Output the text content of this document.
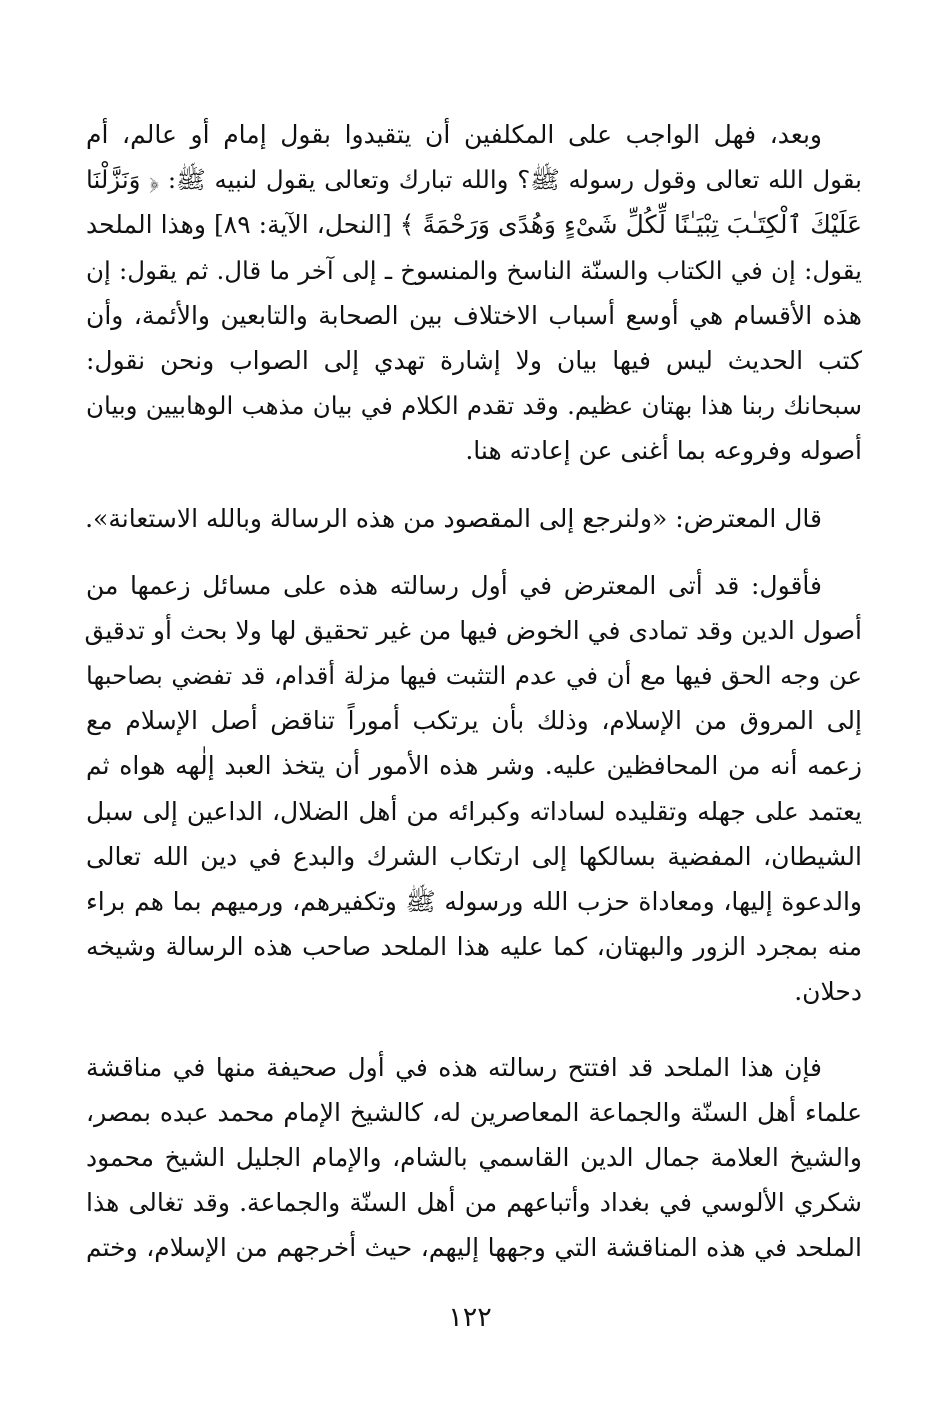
وبعد، فهل الواجب على المكلفين أن يتقيدوا بقول إمام أو عالم، أم
بقول الله تعالى وقول رسوله ﷺ؟ والله تبارك وتعالى يقول لنبيه ﷺ: ﴿ وَنَزَّلْنَا
عَلَيْكَ ٱلْكِتَـٰبَ تِبْيَـٰنًا لِّكُلِّ شَىْءٍ وَهُدًى وَرَحْمَةً ﴾ [النحل، الآية: ٨٩] وهذا الملحد
يقول: إن في الكتاب والسنّة الناسخ والمنسوخ ـ إلى آخر ما قال. ثم يقول: إن
هذه الأقسام هي أوسع أسباب الاختلاف بين الصحابة والتابعين والأئمة، وأن
كتب الحديث ليس فيها بيان ولا إشارة تهدي إلى الصواب ونحن نقول:
سبحانك ربنا هذا بهتان عظيم. وقد تقدم الكلام في بيان مذهب الوهابيين وبيان
أصوله وفروعه بما أغنى عن إعادته هنا.
قال المعترض: «ولنرجع إلى المقصود من هذه الرسالة وبالله الاستعانة».
فأقول: قد أتى المعترض في أول رسالته هذه على مسائل زعمها من
أصول الدين وقد تمادى في الخوض فيها من غير تحقيق لها ولا بحث أو تدقيق
عن وجه الحق فيها مع أن في عدم التثبت فيها مزلة أقدام، قد تفضي بصاحبها
إلى المروق من الإسلام، وذلك بأن يرتكب أموراً تناقض أصل الإسلام مع
زعمه أنه من المحافظين عليه. وشر هذه الأمور أن يتخذ العبد إلٰهه هواه ثم
يعتمد على جهله وتقليده لساداته وكبرائه من أهل الضلال، الداعين إلى سبل
الشيطان، المفضية بسالكها إلى ارتكاب الشرك والبدع في دين الله تعالى
والدعوة إليها، ومعاداة حزب الله ورسوله ﷺ وتكفيرهم، ورميهم بما هم براء
منه بمجرد الزور والبهتان، كما عليه هذا الملحد صاحب هذه الرسالة وشيخه
دحلان.
فإن هذا الملحد قد افتتح رسالته هذه في أول صحيفة منها في مناقشة
علماء أهل السنّة والجماعة المعاصرين له، كالشيخ الإمام محمد عبده بمصر،
والشيخ العلامة جمال الدين القاسمي بالشام، والإمام الجليل الشيخ محمود
شكري الألوسي في بغداد وأتباعهم من أهل السنّة والجماعة. وقد تغالى هذا
الملحد في هذه المناقشة التي وجهها إليهم، حيث أخرجهم من الإسلام، وختم
١٢٢
